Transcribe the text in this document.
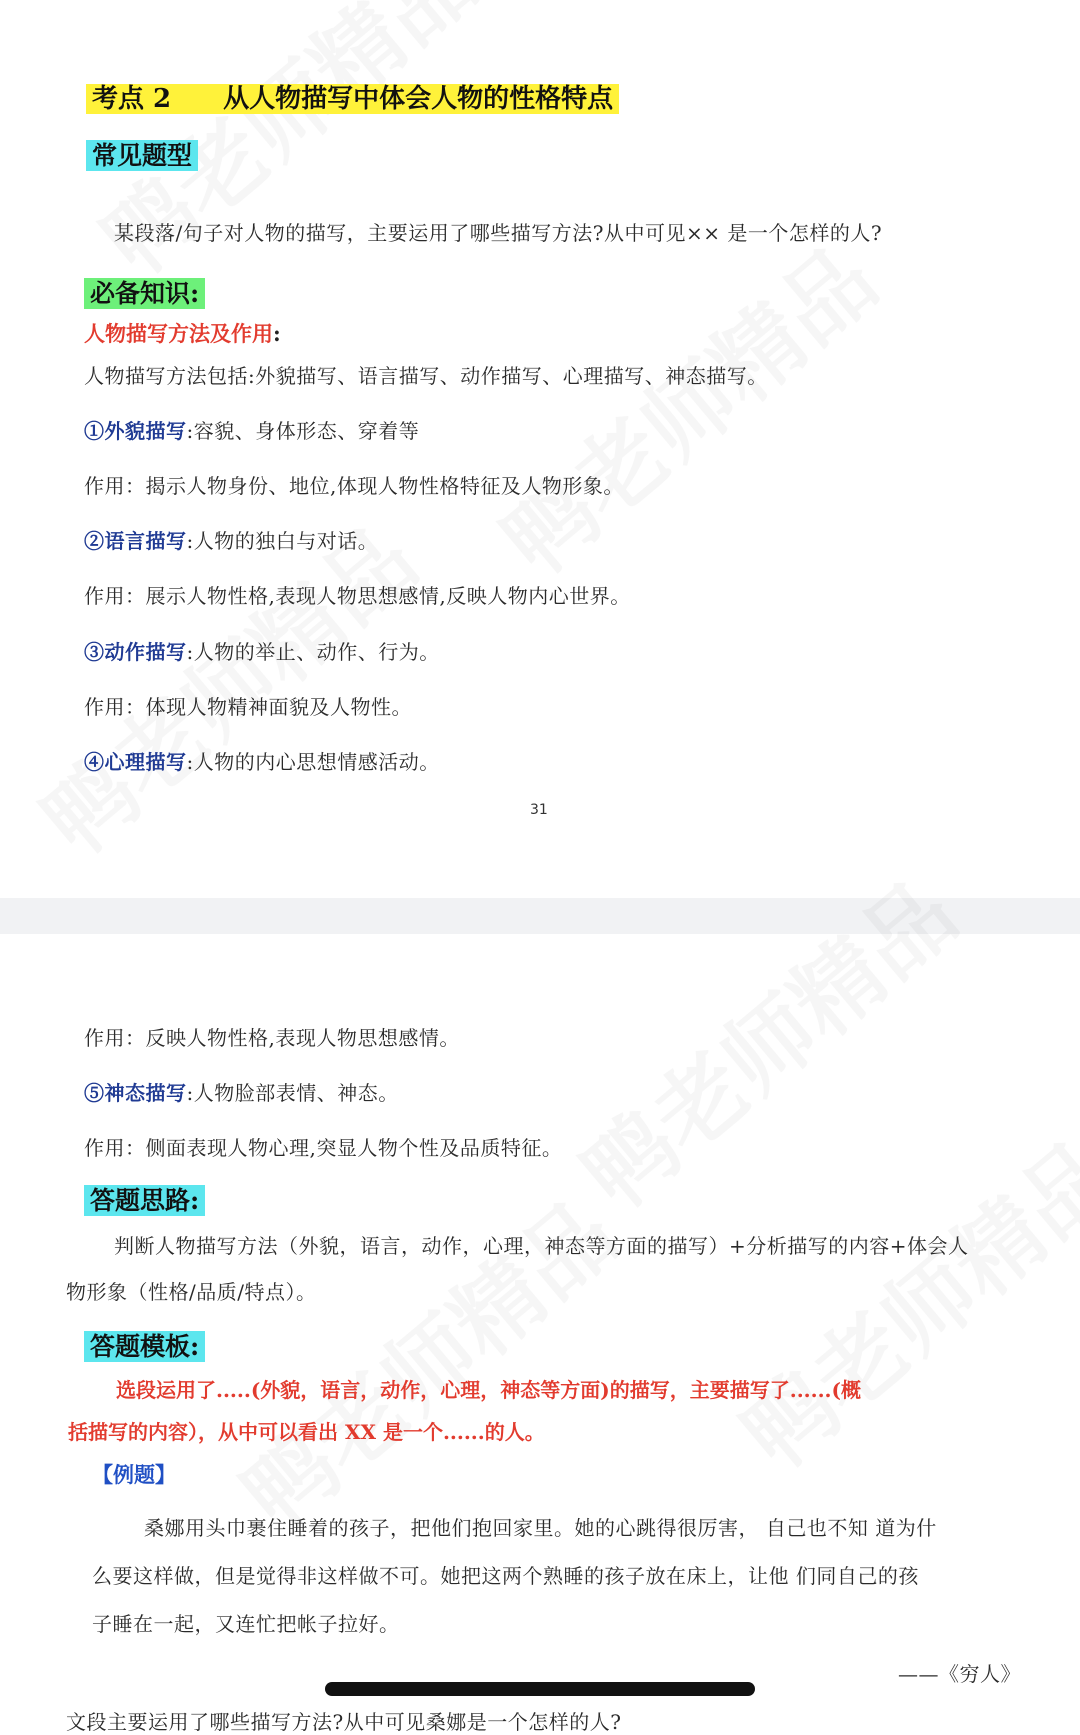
考点 2　　从人物描写中体会人物的性格特点
常见题型
某段落/句子对人物的描写，主要运用了哪些描写方法?从中可见×× 是一个怎样的人?
必备知识:
人物描写方法及作用:
人物描写方法包括:外貌描写、语言描写、动作描写、心理描写、神态描写。
①外貌描写:容貌、身体形态、穿着等
作用：揭示人物身份、地位,体现人物性格特征及人物形象。
②语言描写:人物的独白与对话。
作用：展示人物性格,表现人物思想感情,反映人物内心世界。
③动作描写:人物的举止、动作、行为。
作用：体现人物精神面貌及人物性。
④心理描写:人物的内心思想情感活动。
31
作用：反映人物性格,表现人物思想感情。
⑤神态描写:人物脸部表情、神态。
作用：侧面表现人物心理,突显人物个性及品质特征。
答题思路:
判断人物描写方法（外貌，语言，动作，心理，神态等方面的描写）+分析描写的内容+体会人
物形象（性格/品质/特点）。
答题模板:
选段运用了.....(外貌，语言，动作，心理，神态等方面)的描写，主要描写了......(概
括描写的内容），从中可以看出 XX 是一个......的人。
【例题】
桑娜用头巾裹住睡着的孩子，把他们抱回家里。她的心跳得很厉害， 自己也不知 道为什
么要这样做，但是觉得非这样做不可。她把这两个熟睡的孩子放在床上，让他 们同自己的孩
子睡在一起，又连忙把帐子拉好。
——《穷人》
文段主要运用了哪些描写方法?从中可见桑娜是一个怎样的人?
